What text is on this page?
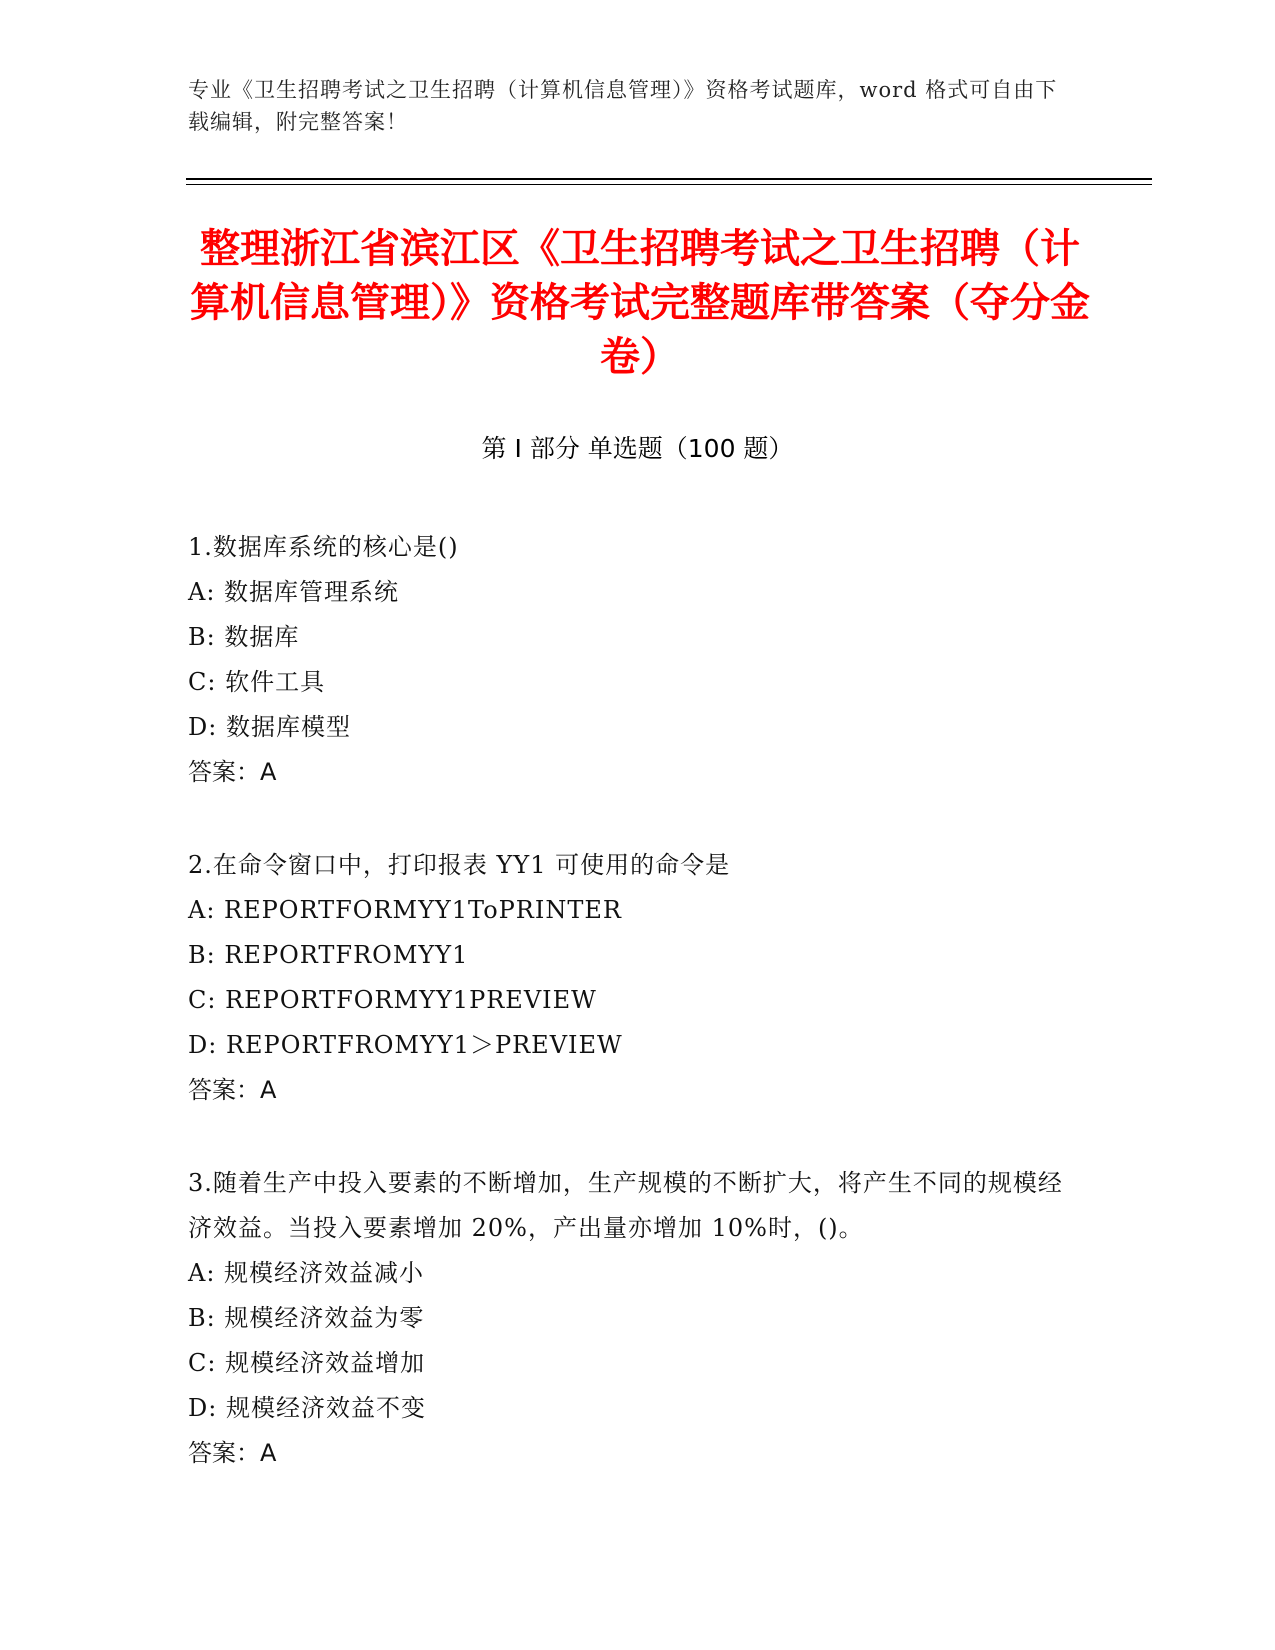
专业《卫生招聘考试之卫生招聘（计算机信息管理）》资格考试题库，word 格式可自由下载编辑，附完整答案！
整理浙江省滨江区《卫生招聘考试之卫生招聘（计算机信息管理）》资格考试完整题库带答案（夺分金卷）
第 I 部分 单选题（100 题）
1.数据库系统的核心是()
A: 数据库管理系统
B: 数据库
C: 软件工具
D: 数据库模型
答案：A
2.在命令窗口中，打印报表 YY1 可使用的命令是
A: REPORTFORMYY1ToPRINTER
B: REPORTFROMYY1
C: REPORTFORMYY1PREVIEW
D: REPORTFROMYY1＞PREVIEW
答案：A
3.随着生产中投入要素的不断增加，生产规模的不断扩大，将产生不同的规模经济效益。当投入要素增加 20%，产出量亦增加 10%时，()。
A: 规模经济效益减小
B: 规模经济效益为零
C: 规模经济效益增加
D: 规模经济效益不变
答案：A
